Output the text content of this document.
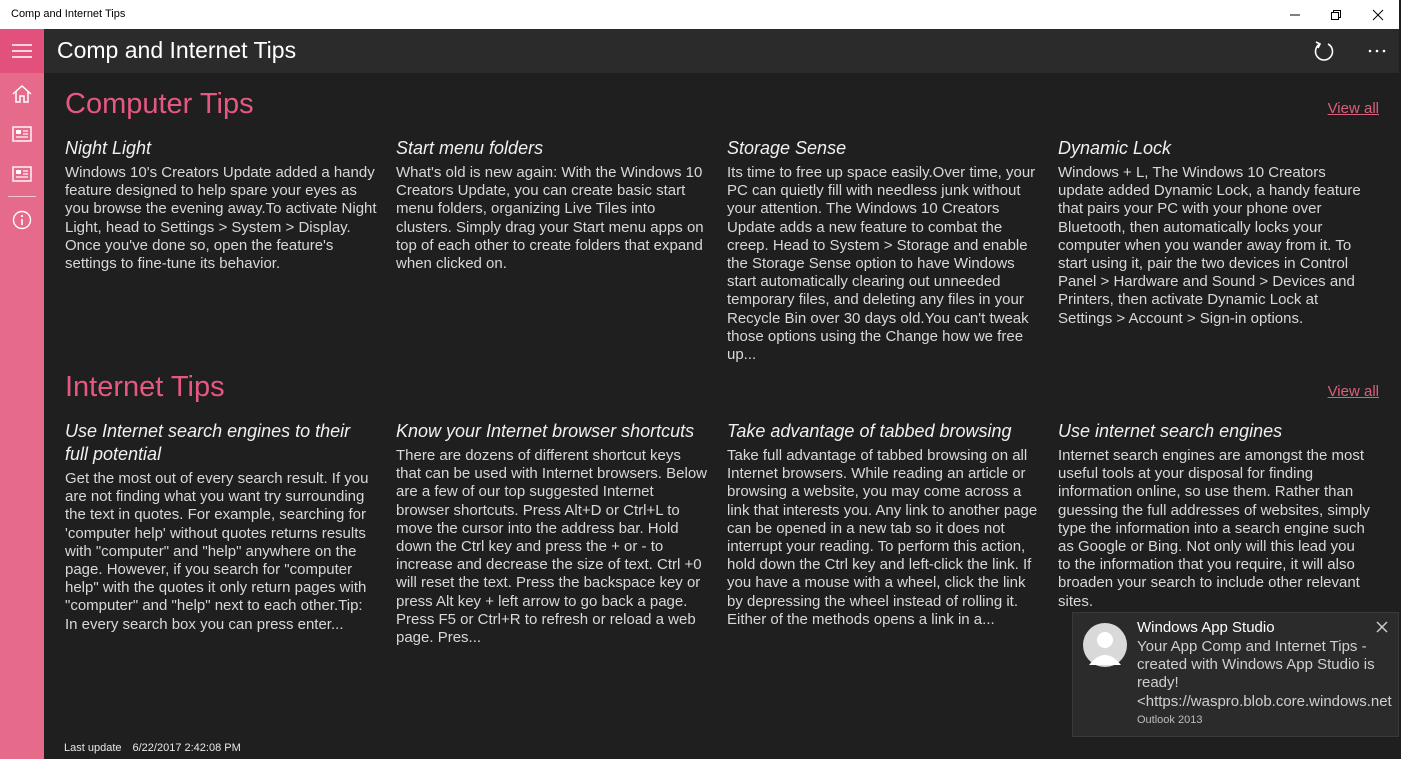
Comp and Internet Tips
Comp and Internet Tips
Computer Tips	View all
Night Light
Windows 10's Creators Update added a handy feature designed to help spare your eyes as you browse the evening away.To activate Night Light, head to Settings > System > Display. Once you've done so, open the feature's settings to fine-tune its behavior.
Start menu folders
What's old is new again: With the Windows 10 Creators Update, you can create basic start menu folders, organizing Live Tiles into clusters. Simply drag your Start menu apps on top of each other to create folders that expand when clicked on.
Storage Sense
Its time to free up space easily.Over time, your PC can quietly fill with needless junk without your attention. The Windows 10 Creators Update adds a new feature to combat the creep. Head to System > Storage and enable the Storage Sense option to have Windows start automatically clearing out unneeded temporary files, and deleting any files in your Recycle Bin over 30 days old.You can't tweak those options using the Change how we free up...
Dynamic Lock
Windows + L, The Windows 10 Creators update added Dynamic Lock, a handy feature that pairs your PC with your phone over Bluetooth, then automatically locks your computer when you wander away from it. To start using it, pair the two devices in Control Panel > Hardware and Sound > Devices and Printers, then activate Dynamic Lock at Settings > Account > Sign-in options.
Internet Tips	View all
Use Internet search engines to their full potential
Get the most out of every search result. If you are not finding what you want try surrounding the text in quotes. For example, searching for 'computer help' without quotes returns results with "computer" and "help" anywhere on the page. However, if you search for "computer help" with the quotes it only return pages with "computer" and "help" next to each other.Tip: In every search box you can press enter...
Know your Internet browser shortcuts
There are dozens of different shortcut keys that can be used with Internet browsers. Below are a few of our top suggested Internet browser shortcuts. Press Alt+D or Ctrl+L to move the cursor into the address bar. Hold down the Ctrl key and press the + or - to increase and decrease the size of text. Ctrl +0 will reset the text. Press the backspace key or press Alt key + left arrow to go back a page. Press F5 or Ctrl+R to refresh or reload a web page. Pres...
Take advantage of tabbed browsing
Take full advantage of tabbed browsing on all Internet browsers. While reading an article or browsing a website, you may come across a link that interests you. Any link to another page can be opened in a new tab so it does not interrupt your reading. To perform this action, hold down the Ctrl key and left-click the link. If you have a mouse with a wheel, click the link by depressing the wheel instead of rolling it. Either of the methods opens a link in a...
Use internet search engines
Internet search engines are amongst the most useful tools at your disposal for finding information online, so use them. Rather than guessing the full addresses of websites, simply type the information into a search engine such as Google or Bing. Not only will this lead you to the information that you require, it will also broaden your search to include other relevant sites.
Last update 6/22/2017 2:42:08 PM
Windows App Studio
Your App Comp and Internet Tips - created with Windows App Studio is ready!
<https://waspro.blob.core.windows.net
Outlook 2013
